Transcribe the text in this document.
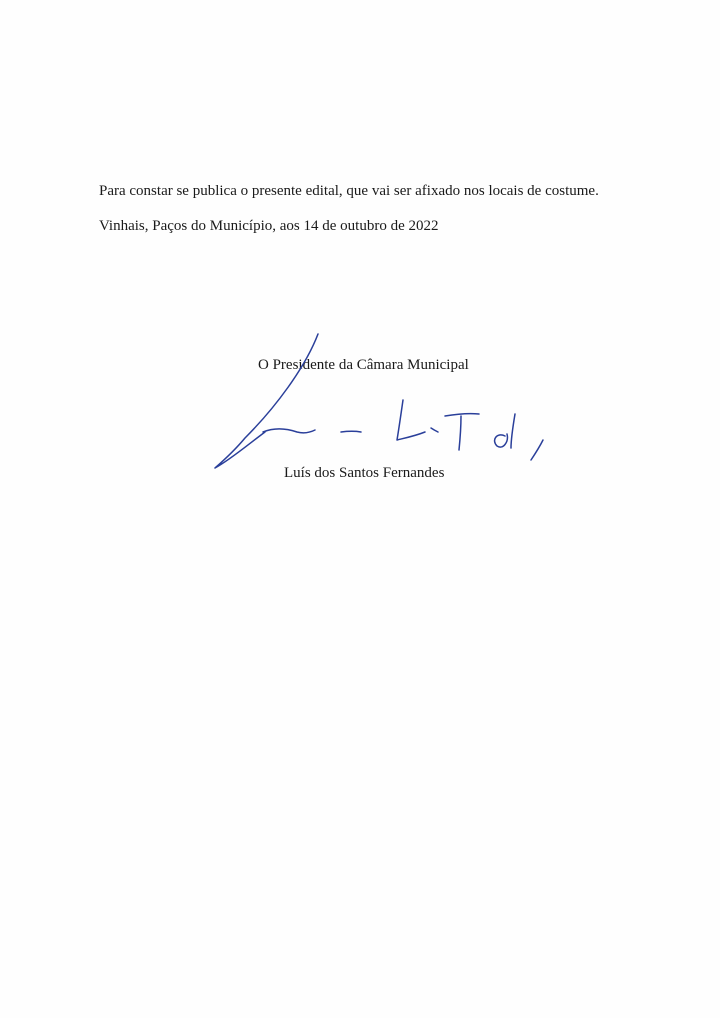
Para constar se publica o presente edital, que vai ser afixado nos locais de costume.
Vinhais, Paços do Município, aos 14 de outubro de 2022
O Presidente da Câmara Municipal
Luís dos Santos Fernandes
